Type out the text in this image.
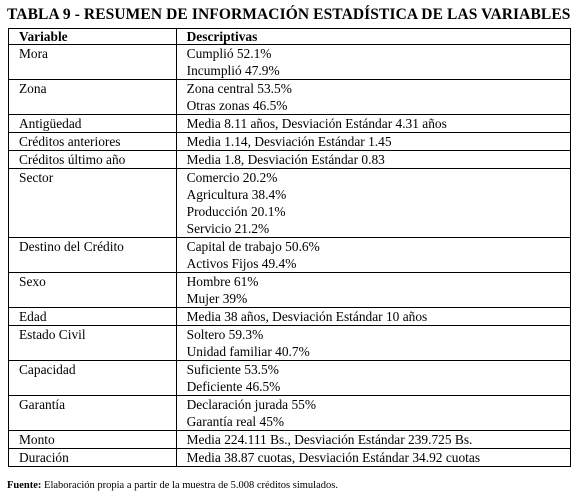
TABLA 9 - RESUMEN DE INFORMACIÓN ESTADÍSTICA DE LAS VARIABLES
Variable	Descriptivas
Mora	Cumplió 52.1%
Incumplió 47.9%

Zona	Zona central 53.5%
Otras zonas 46.5%

Antigüedad	Media 8.11 años, Desviación Estándar 4.31 años

Créditos anteriores	Media 1.14, Desviación Estándar 1.45

Créditos último año	Media 1.8, Desviación Estándar 0.83

Sector	Comercio 20.2%
Agricultura 38.4%
Producción 20.1%
Servicio 21.2%

Destino del Crédito	Capital de trabajo 50.6%
Activos Fijos 49.4%

Sexo	Hombre 61%
Mujer 39%

Edad	Media 38 años, Desviación Estándar 10 años

Estado Civil	Soltero 59.3%
Unidad familiar 40.7%

Capacidad	Suficiente 53.5%
Deficiente 46.5%

Garantía	Declaración jurada 55%
Garantía real 45%

Monto	Media 224.111 Bs., Desviación Estándar 239.725 Bs.

Duración	Media 38.87 cuotas, Desviación Estándar 34.92 cuotas
Fuente: Elaboración propia a partir de la muestra de 5.008 créditos simulados.
